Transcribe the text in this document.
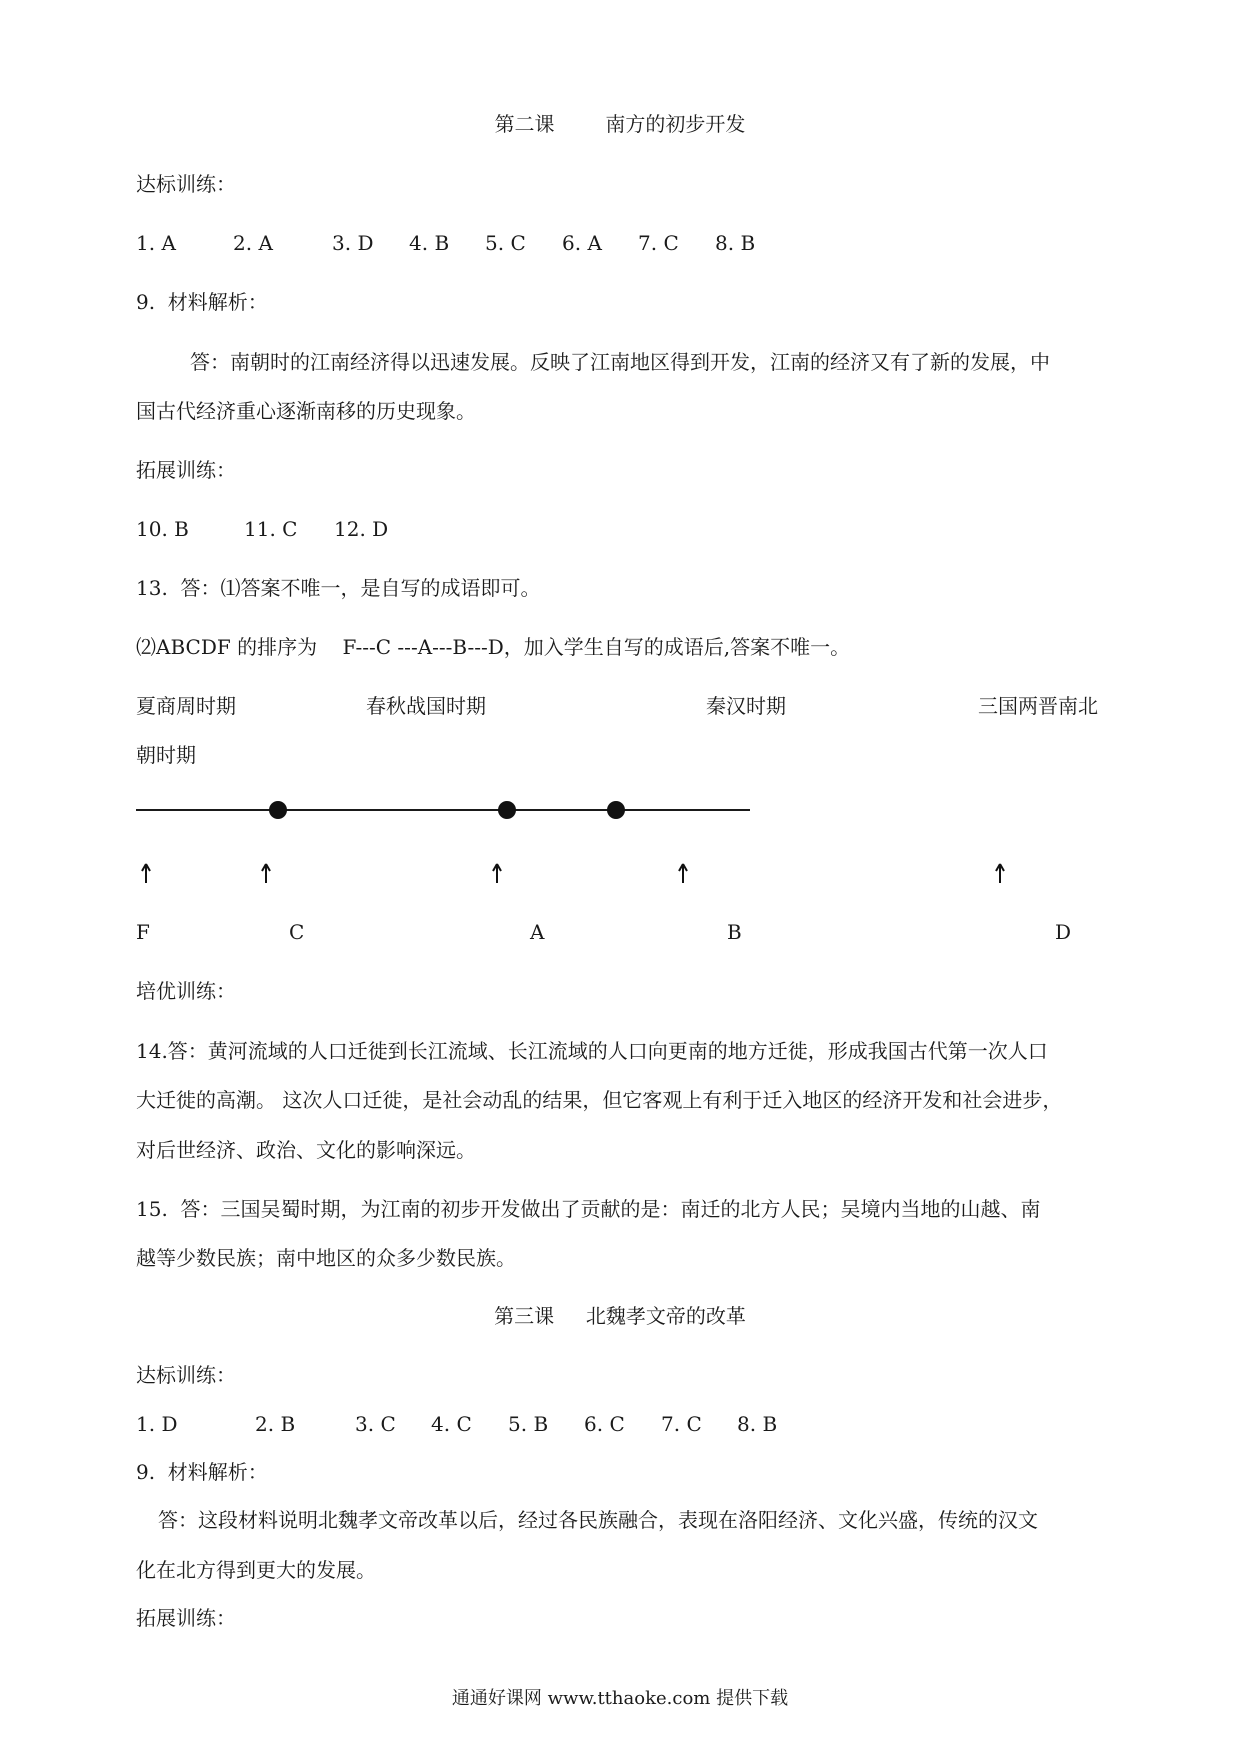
第二课        南方的初步开发
达标训练：

1. A

	2. A

	3. D

4. B

5. C

6. A

7. C

8. B

9.  材料解析：
答：南朝时的江南经济得以迅速发展。反映了江南地区得到开发，江南的经济又有了新的发展，中
国古代经济重心逐渐南移的历史现象。
拓展训练：

10. B

	11. C

12. D

13.  答：⑴答案不唯一，是自写的成语即可。
⑵ABCDF 的排序为    F---C ---A---B---D，加入学生自写的成语后,答案不唯一。
夏商周时期	春秋战国时期	秦汉时期	三国两晋南北
朝时期
F	C	A	B	D
培优训练：
14.答：黄河流域的人口迁徙到长江流域、长江流域的人口向更南的地方迁徙，形成我国古代第一次人口
大迁徙的高潮。 这次人口迁徙，是社会动乱的结果，但它客观上有利于迁入地区的经济开发和社会进步，
对后世经济、政治、文化的影响深远。
15.  答：三国吴蜀时期，为江南的初步开发做出了贡献的是：南迁的北方人民；吴境内当地的山越、南
越等少数民族；南中地区的众多少数民族。
第三课     北魏孝文帝的改革
达标训练：

1. D

	2. B

	3. C

4. C

5. B

6. C

7. C

8. B

9.  材料解析：
答：这段材料说明北魏孝文帝改革以后，经过各民族融合，表现在洛阳经济、文化兴盛，传统的汉文
化在北方得到更大的发展。
拓展训练：
通通好课网 www.tthaoke.com 提供下载
